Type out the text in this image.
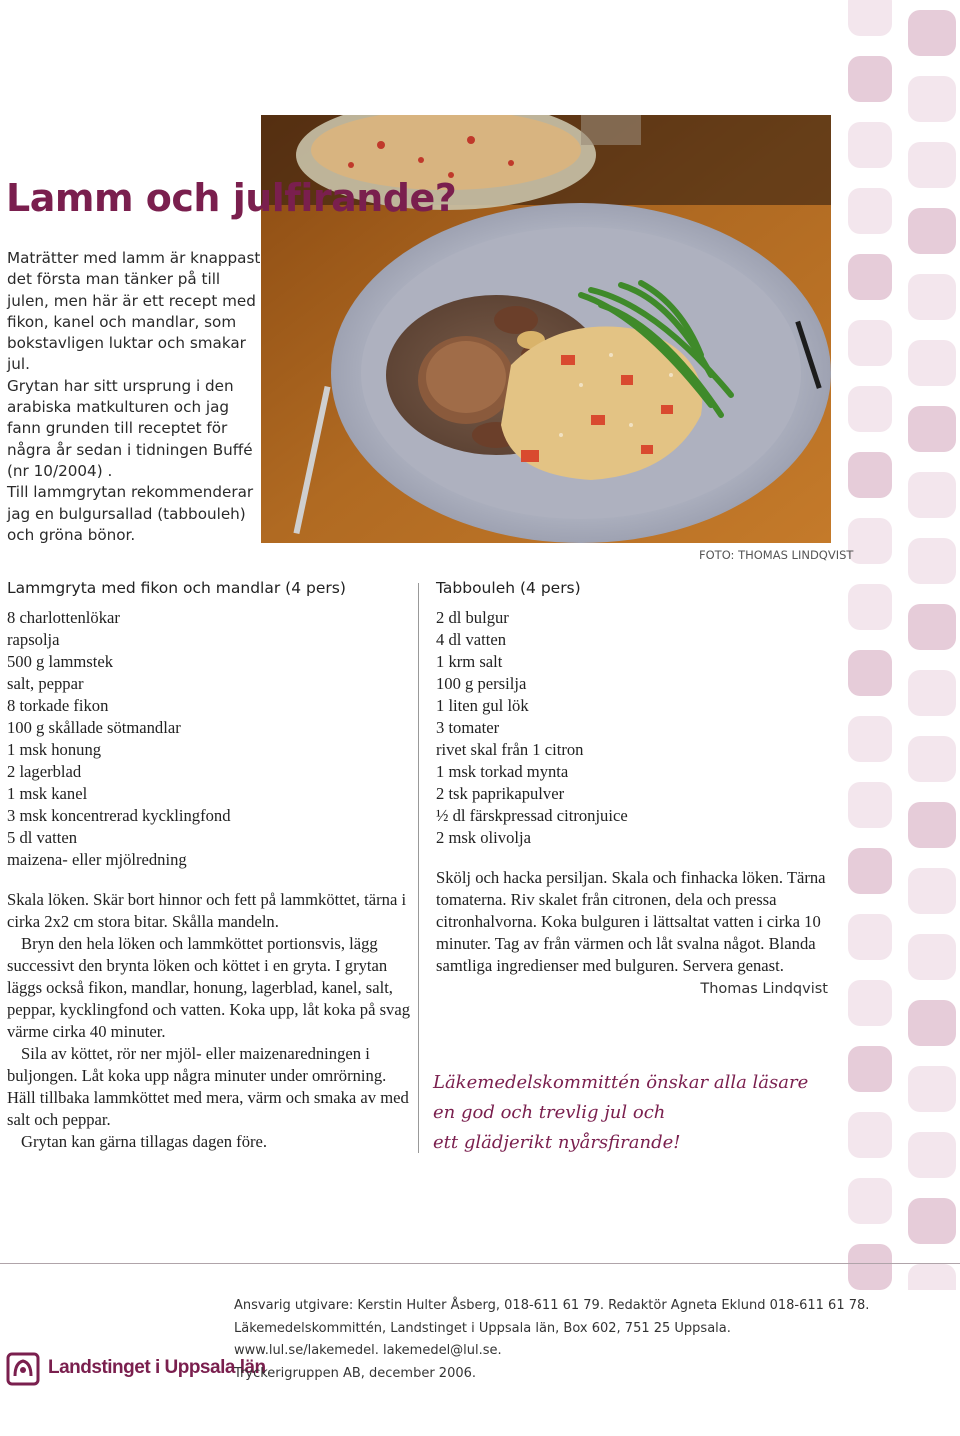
Lamm och julfirande?

Maträtter med lamm är knappast det första man tänker på till julen, men här är ett recept med fikon, kanel och mandlar, som bokstavligen luktar och smakar jul.

Grytan har sitt ursprung i den arabiska matkulturen och jag fann grunden till receptet för några år sedan i tidningen Buffé (nr 10/2004) .

Till lammgrytan rekommenderar jag en bulgursallad (tabbouleh) och gröna bönor.

FOTO: THOMAS LINDQVIST
Lammgryta med fikon och mandlar (4 pers)
8 charlottenlökar
rapsolja
500 g lammstek
salt, peppar
8 torkade fikon
100 g skållade sötmandlar
1 msk honung
2 lagerblad
1 msk kanel
3 msk koncentrerad kycklingfond
5 dl vatten
maizena- eller mjölredning

Skala löken. Skär bort hinnor och fett på lammköttet, tärna i cirka 2x2 cm stora bitar. Skålla mandeln.

Bryn den hela löken och lammköttet portionsvis, lägg successivt den brynta löken och köttet i en gryta. I grytan läggs också fikon, mandlar, honung, lagerblad, kanel, salt, peppar, kycklingfond och vatten. Koka upp, låt koka på svag värme cirka 40 minuter.

Sila av köttet, rör ner mjöl- eller maizenaredningen i buljongen. Låt koka upp några minuter under omrörning. Häll tillbaka lammköttet med mera, värm och smaka av med salt och peppar.

Grytan kan gärna tillagas dagen före.

Tabbouleh (4 pers)
2 dl bulgur
4 dl vatten
1 krm salt
100 g persilja
1 liten gul lök
3 tomater
rivet skal från 1 citron
1 msk torkad mynta
2 tsk paprikapulver
½ dl färskpressad citronjuice
2 msk olivolja

Skölj och hacka persiljan. Skala och finhacka löken. Tärna tomaterna. Riv skalet från citronen, dela och pressa citronhalvorna. Koka bulguren i lättsaltat vatten i cirka 10 minuter. Tag av från värmen och låt svalna något. Blanda samtliga ingredienser med bulguren. Servera genast.

Thomas Lindqvist
Läkemedelskommittén önskar alla läsare
en god och trevlig jul och
ett glädjerikt nyårsfirande!
Landstinget i Uppsala län
Ansvarig utgivare: Kerstin Hulter Åsberg, 018-611 61 79. Redaktör Agneta Eklund 018-611 61 78.
Läkemedelskommittén, Landstinget i Uppsala län, Box 602, 751 25 Uppsala.
www.lul.se/lakemedel. lakemedel@lul.se.
Tryckerigruppen AB, december 2006.
